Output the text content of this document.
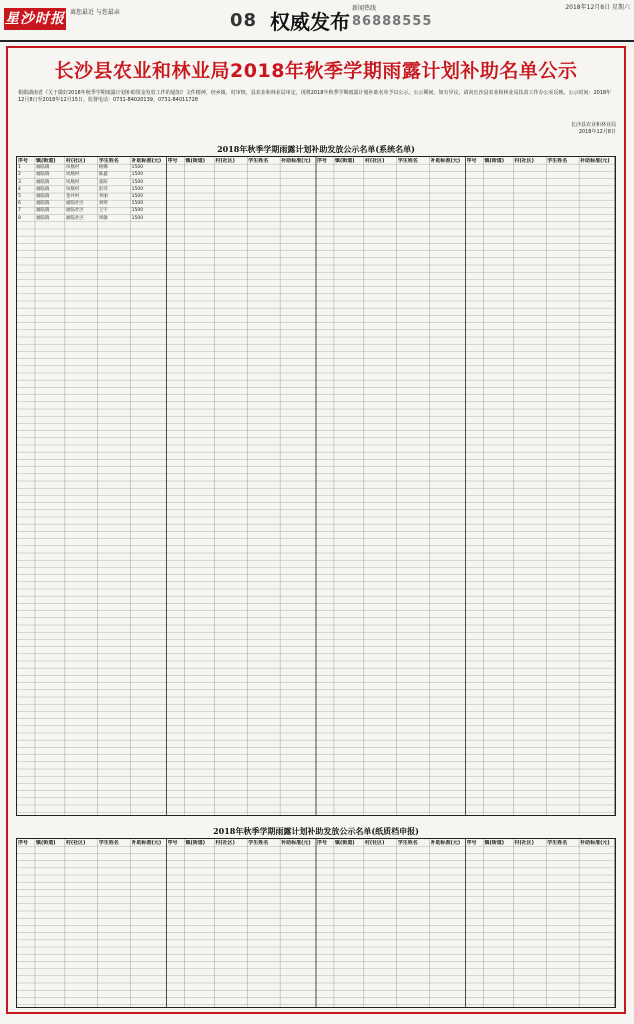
星沙时报 离您最近 与您最亲	08 权威发布
新闻热线
86888555
2018年12月8日 星期六
长沙县农业和林业局2018年秋季学期雨露计划补助名单公示
根据湖南省《关于做好2018年秋季学期雨露计划补助资金发放工作的通知》文件精神，经乡镇、村审核，县农业和林业局审定，现将2018年秋季学期雨露计划补助名单予以公示。公示期间，如有异议，请向长沙县农业和林业局扶贫工作办公室反映。公示时间：2018年12月8日至2018年12月15日。监督电话：0731-84020139、0731-84011728
长沙县农业和林业局
2018年12月8日
2018年秋季学期雨露计划补助发放公示名单(系统名单)
序号	镇(街道)	村(社区)	学生姓名	补助标准(元)	序号	镇(街道)	村(社区)	学生姓名	补助标准(元)	序号	镇(街道)	村(社区)	学生姓名	补助标准(元)	序号	镇(街道)	村(社区)	学生姓名	补助标准(元)
1	福临镇	凤凰村	杨娜	1500
2	福临镇	凤凰村	陈鑫	1500
3	福临镇	凤凰村	张盼	1500
4	福临镇	凤凰村	彭洋	1500
5	福临镇	金井村	李丽	1500
6	福临镇	福临社区	刘婷	1500
7	福临镇	福临社区	王宇	1500
8	福临镇	福临社区	周敏	1500
2018年秋季学期雨露计划补助发放公示名单(纸质档申报)
序号	镇(街道)	村(社区)	学生姓名	补助标准(元)	序号	镇(街道)	村(社区)	学生姓名	补助标准(元)	序号	镇(街道)	村(社区)	学生姓名	补助标准(元)	序号	镇(街道)	村(社区)	学生姓名	补助标准(元)
